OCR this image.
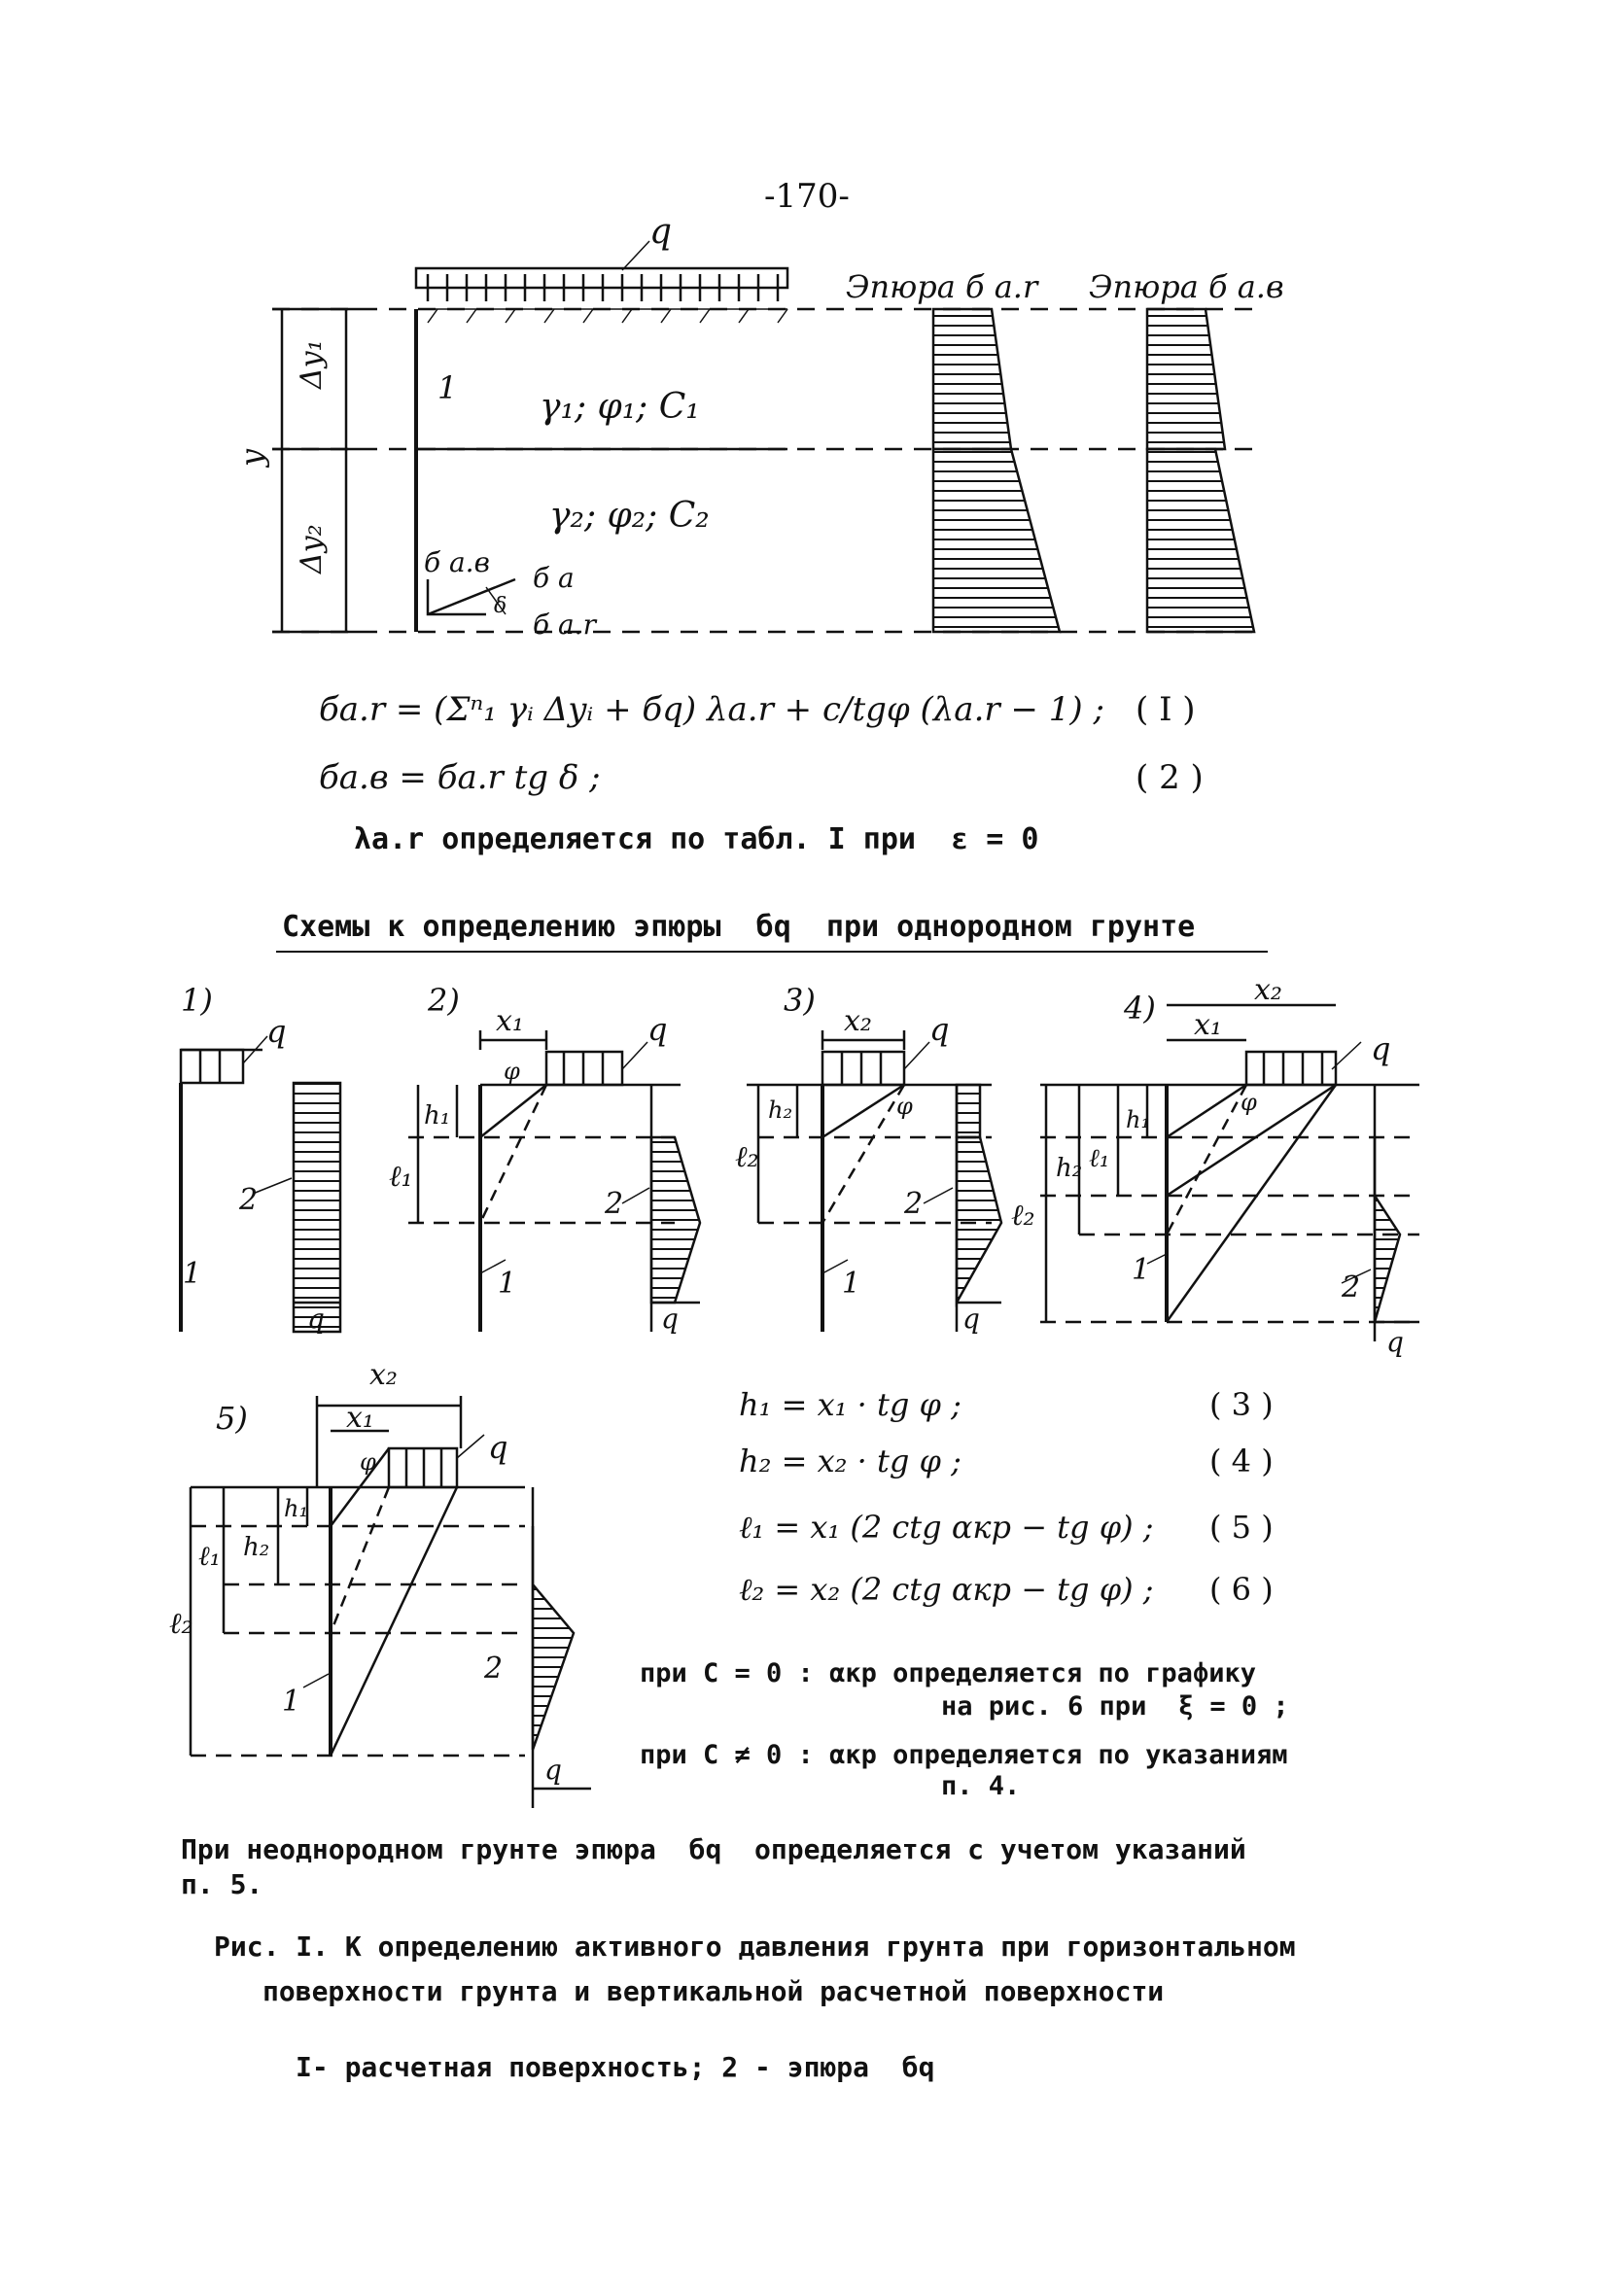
-170-
q
Эпюра б a.r Эпюра б a.в
Δy₁
Δy₂
y
1 γ₁; φ₁; C₁
γ₂; φ₂; C₂
б a.в б a
б a.r
δ
1)
q
1
2
q
2)
x₁	q
φ
h₁
ℓ₁
1
2
q
3)
x₂ q
φ
h₂
ℓ₂
1
2
q
4)	x₂
x₁
q
φ
h₁
ℓ₁
h₂
ℓ₂
1
2
q
5)
x₂
x₁
q
φ
h₁
h₂
ℓ₁
ℓ₂
1
2
q
бa.r = (Σⁿ₁ γᵢ Δyᵢ + бq) λa.r + c/tgφ (λa.r − 1) ; ( I )
бa.в = бa.r tg δ ;	( 2 )
λa.r определяется по табл. I при  ε = 0
Схемы к определению эпюры  бq  при однородном грунте
h₁ = x₁ · tg φ ;	( 3 )
h₂ = x₂ · tg φ ;	( 4 )
ℓ₁ = x₁ (2 ctg αкр − tg φ) ; ( 5 )
ℓ₂ = x₂ (2 ctg αкр − tg φ) ; ( 6 )
при C = 0 : αкр определяется по графику
на рис. 6 при  ξ = 0 ;
при C ≠ 0 : αкр определяется по указаниям
п. 4.
При неоднородном грунте эпюра  бq  определяется с учетом указаний
п. 5.
Рис. I. К определению активного давления грунта при горизонтальном
поверхности грунта и вертикальной расчетной поверхности
I- расчетная поверхность; 2 - эпюра  бq
